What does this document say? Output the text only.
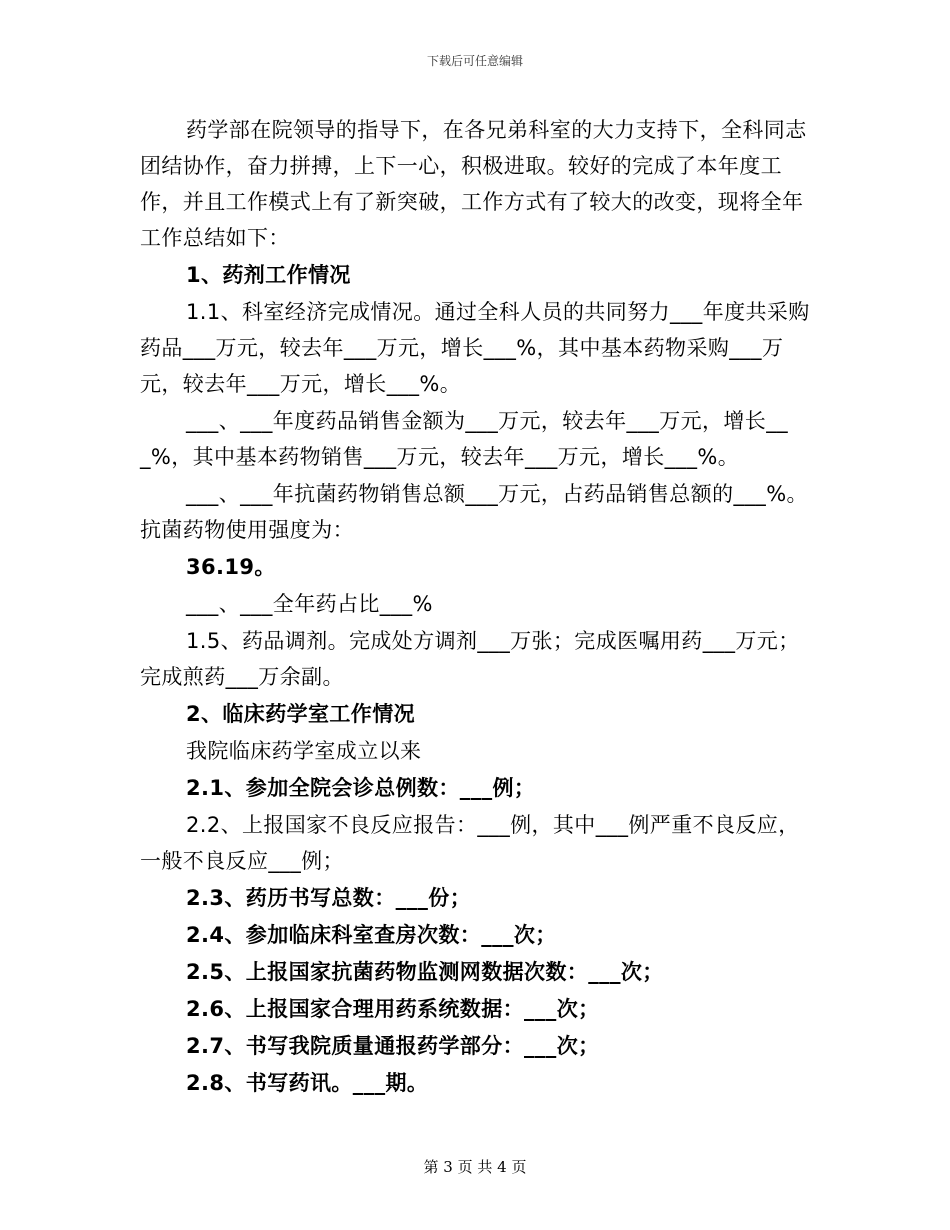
下载后可任意编辑

药学部在院领导的指导下，在各兄弟科室的大力支持下，全科同志团结协作，奋力拼搏，上下一心，积极进取。较好的完成了本年度工作，并且工作模式上有了新突破，工作方式有了较大的改变，现将全年工作总结如下：

1、药剂工作情况

1.1、科室经济完成情况。通过全科人员的共同努力___年度共采购药品___万元，较去年___万元，增长___%，其中基本药物采购___万元，较去年___万元，增长___%。

___、___年度药品销售金额为___万元，较去年___万元，增长___%，其中基本药物销售___万元，较去年___万元，增长___%。

___、___年抗菌药物销售总额___万元，占药品销售总额的___%。抗菌药物使用强度为：

36.19。

___、___全年药占比___%

1.5、药品调剂。完成处方调剂___万张；完成医嘱用药___万元；完成煎药___万余副。

2、临床药学室工作情况

我院临床药学室成立以来

2.1、参加全院会诊总例数：___例；

2.2、上报国家不良反应报告：___例，其中___例严重不良反应，一般不良反应___例；

2.3、药历书写总数：___份；

2.4、参加临床科室查房次数：___次；

2.5、上报国家抗菌药物监测网数据次数：___次；

2.6、上报国家合理用药系统数据：___次；

2.7、书写我院质量通报药学部分：___次；

2.8、书写药讯。___期。

第 3 页 共 4 页
